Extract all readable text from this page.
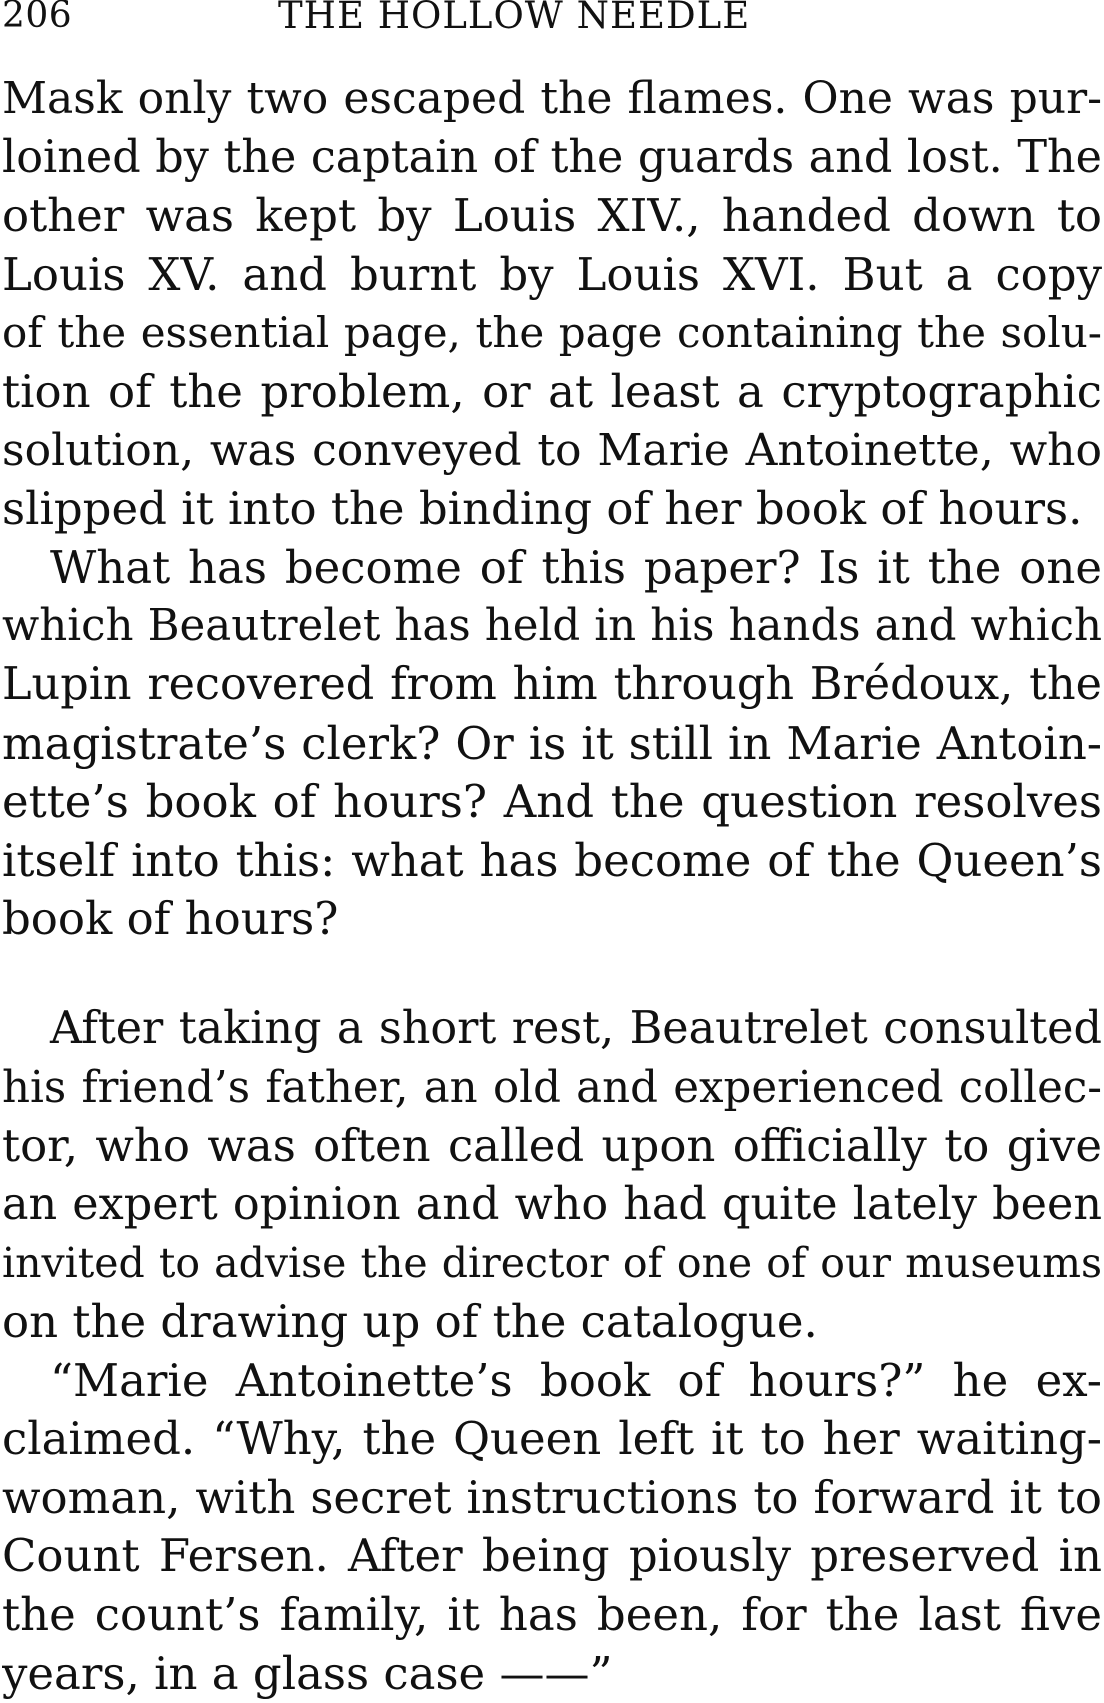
206	THE HOLLOW NEEDLE
Mask only two escaped the flames. One was pur-
loined by the captain of the guards and lost. The
other was kept by Louis XIV., handed down to
Louis XV. and burnt by Louis XVI. But a copy
of the essential page, the page containing the solu-
tion of the problem, or at least a cryptographic
solution, was conveyed to Marie Antoinette, who
slipped it into the binding of her book of hours.
What has become of this paper? Is it the one
which Beautrelet has held in his hands and which
Lupin recovered from him through Brédoux, the
magistrate’s clerk? Or is it still in Marie Antoin-
ette’s book of hours? And the question resolves
itself into this: what has become of the Queen’s
book of hours?
After taking a short rest, Beautrelet consulted
his friend’s father, an old and experienced collec-
tor, who was often called upon officially to give
an expert opinion and who had quite lately been
invited to advise the director of one of our museums
on the drawing up of the catalogue.
“Marie Antoinette’s book of hours?” he ex-
claimed. “Why, the Queen left it to her waiting-
woman, with secret instructions to forward it to
Count Fersen. After being piously preserved in
the count’s family, it has been, for the last five
years, in a glass case ——”
